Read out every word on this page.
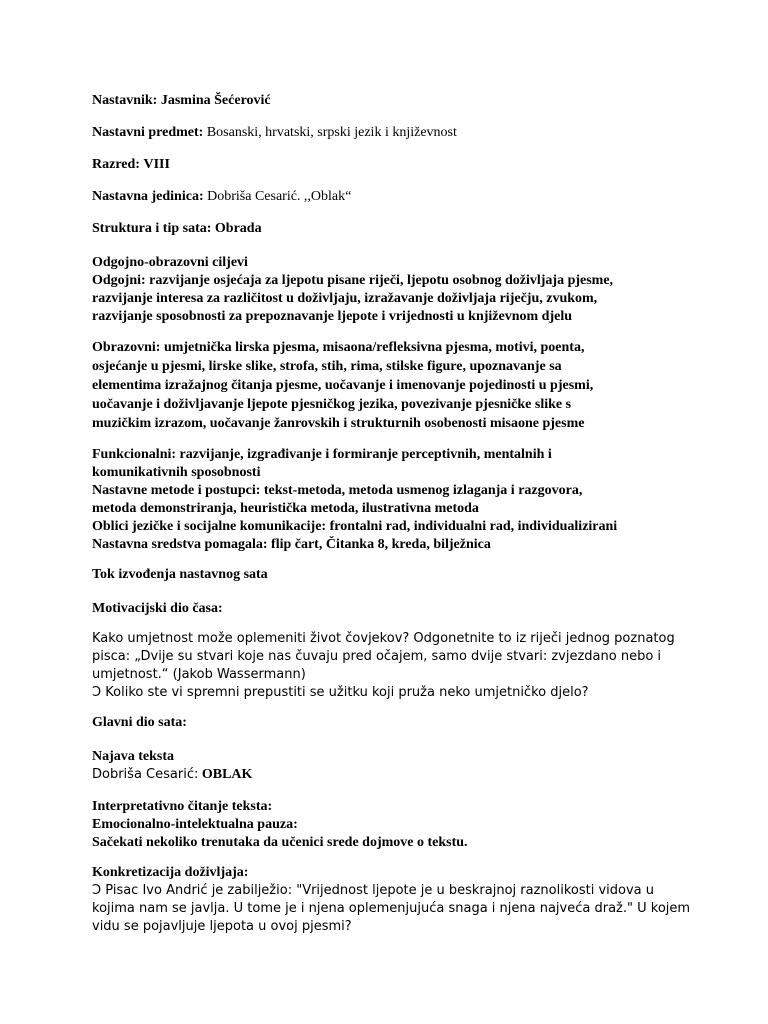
Nastavnik: Jasmina Šećerović
Nastavni predmet: Bosanski, hrvatski, srpski jezik i književnost
Razred: VIII
Nastavna jedinica: Dobriša Cesarić. ,,Oblak“
Struktura i tip sata: Obrada
Odgojno-obrazovni ciljevi
Odgojni: razvijanje osjećaja za ljepotu pisane riječi, ljepotu osobnog doživljaja pjesme,
razvijanje interesa za različitost u doživljaju, izražavanje doživljaja riječju, zvukom,
razvijanje sposobnosti za prepoznavanje ljepote i vrijednosti u književnom djelu
Obrazovni: umjetnička lirska pjesma, misaona/refleksivna pjesma, motivi, poenta,
osjećanje u pjesmi, lirske slike, strofa, stih, rima, stilske figure, upoznavanje sa
elementima izražajnog čitanja pjesme, uočavanje i imenovanje pojedinosti u pjesmi,
uočavanje i doživljavanje ljepote pjesničkog jezika, povezivanje pjesničke slike s
muzičkim izrazom, uočavanje žanrovskih i strukturnih osobenosti misaone pjesme
Funkcionalni: razvijanje, izgrađivanje i formiranje perceptivnih, mentalnih i
komunikativnih sposobnosti
Nastavne metode i postupci: tekst-metoda, metoda usmenog izlaganja i razgovora,
metoda demonstriranja, heuristička metoda, ilustrativna metoda
Oblici jezičke i socijalne komunikacije: frontalni rad, individualni rad, individualizirani
Nastavna sredstva pomagala: flip čart, Čitanka 8, kreda, bilježnica
Tok izvođenja nastavnog sata
Motivacijski dio časa:
Kako umjetnost može oplemeniti život čovjekov? Odgonetnite to iz riječi jednog poznatog
pisca: „Dvije su stvari koje nas čuvaju pred očajem, samo dvije stvari: zvjezdano nebo i
umjetnost.“ (Jakob Wassermann)
Ͻ Koliko ste vi spremni prepustiti se užitku koji pruža neko umjetničko djelo?
Glavni dio sata:
Najava teksta
Dobriša Cesarić: OBLAK
Interpretativno čitanje teksta:
Emocionalno-intelektualna pauza:
Sačekati nekoliko trenutaka da učenici srede dojmove o tekstu.
Konkretizacija doživljaja:
Ͻ Pisac Ivo Andrić je zabilježio: "Vrijednost ljepote je u beskrajnoj raznolikosti vidova u
kojima nam se javlja. U tome je i njena oplemenjujuća snaga i njena najveća draž." U kojem
vidu se pojavljuje ljepota u ovoj pjesmi?
